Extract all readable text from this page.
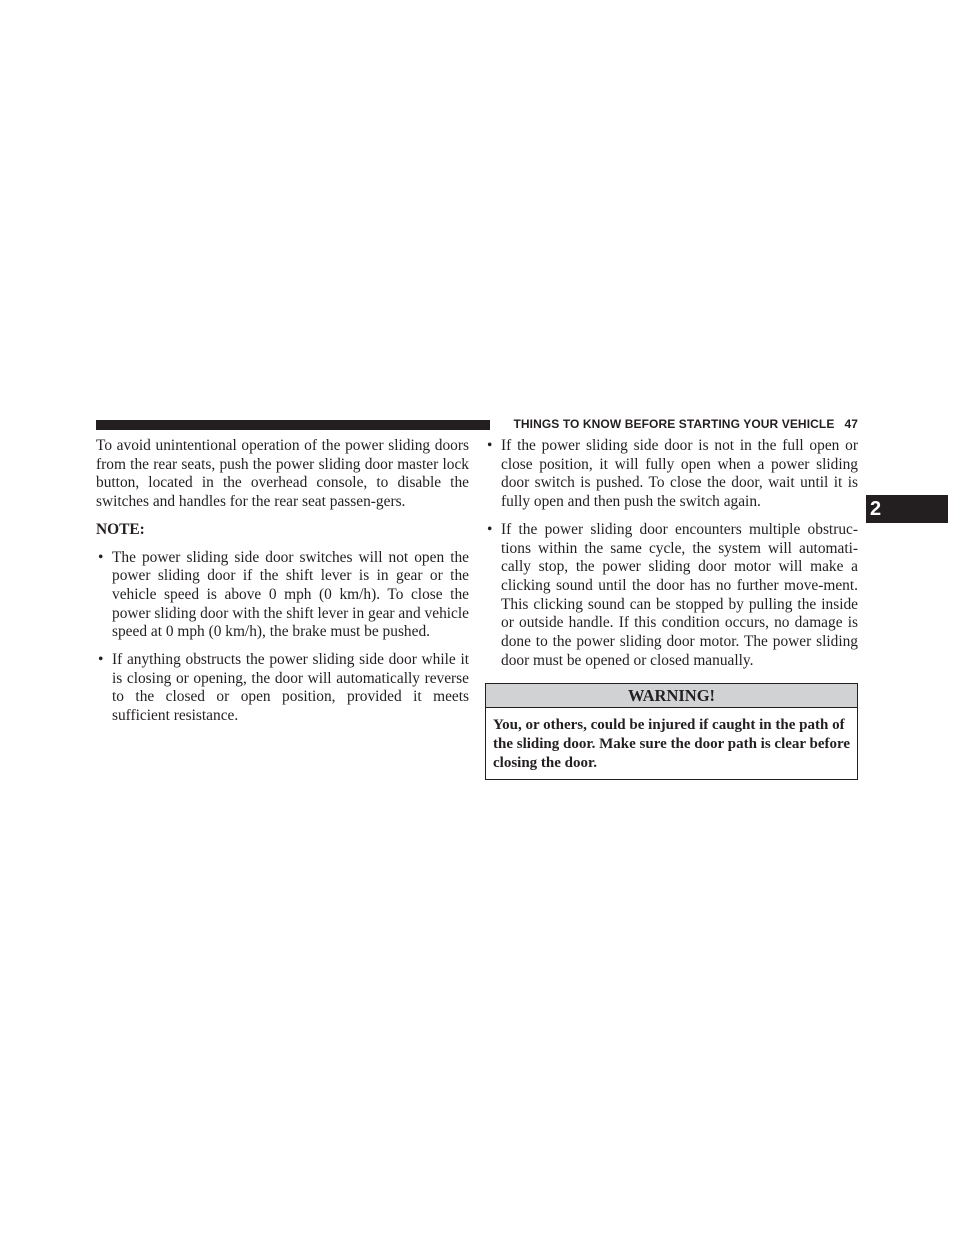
THINGS TO KNOW BEFORE STARTING YOUR VEHICLE 47
2

To avoid unintentional operation of the power sliding doors from the rear seats, push the power sliding door master lock button, located in the overhead console, to disable the switches and handles for the rear seat passen-gers.

NOTE:
• The power sliding side door switches will not open the power sliding door if the shift lever is in gear or the vehicle speed is above 0 mph (0 km/h). To close the power sliding door with the shift lever in gear and vehicle speed at 0 mph (0 km/h), the brake must be pushed.
• If anything obstructs the power sliding side door while it is closing or opening, the door will automatically reverse to the closed or open position, provided it meets sufficient resistance.
• If the power sliding side door is not in the full open or close position, it will fully open when a power sliding door switch is pushed. To close the door, wait until it is fully open and then push the switch again.
• If the power sliding door encounters multiple obstruc-tions within the same cycle, the system will automati-cally stop, the power sliding door motor will make a clicking sound until the door has no further move-ment. This clicking sound can be stopped by pulling the inside or outside handle. If this condition occurs, no damage is done to the power sliding door motor. The power sliding door must be opened or closed manually.
WARNING!
You, or others, could be injured if caught in the path of the sliding door. Make sure the door path is clear before closing the door.
